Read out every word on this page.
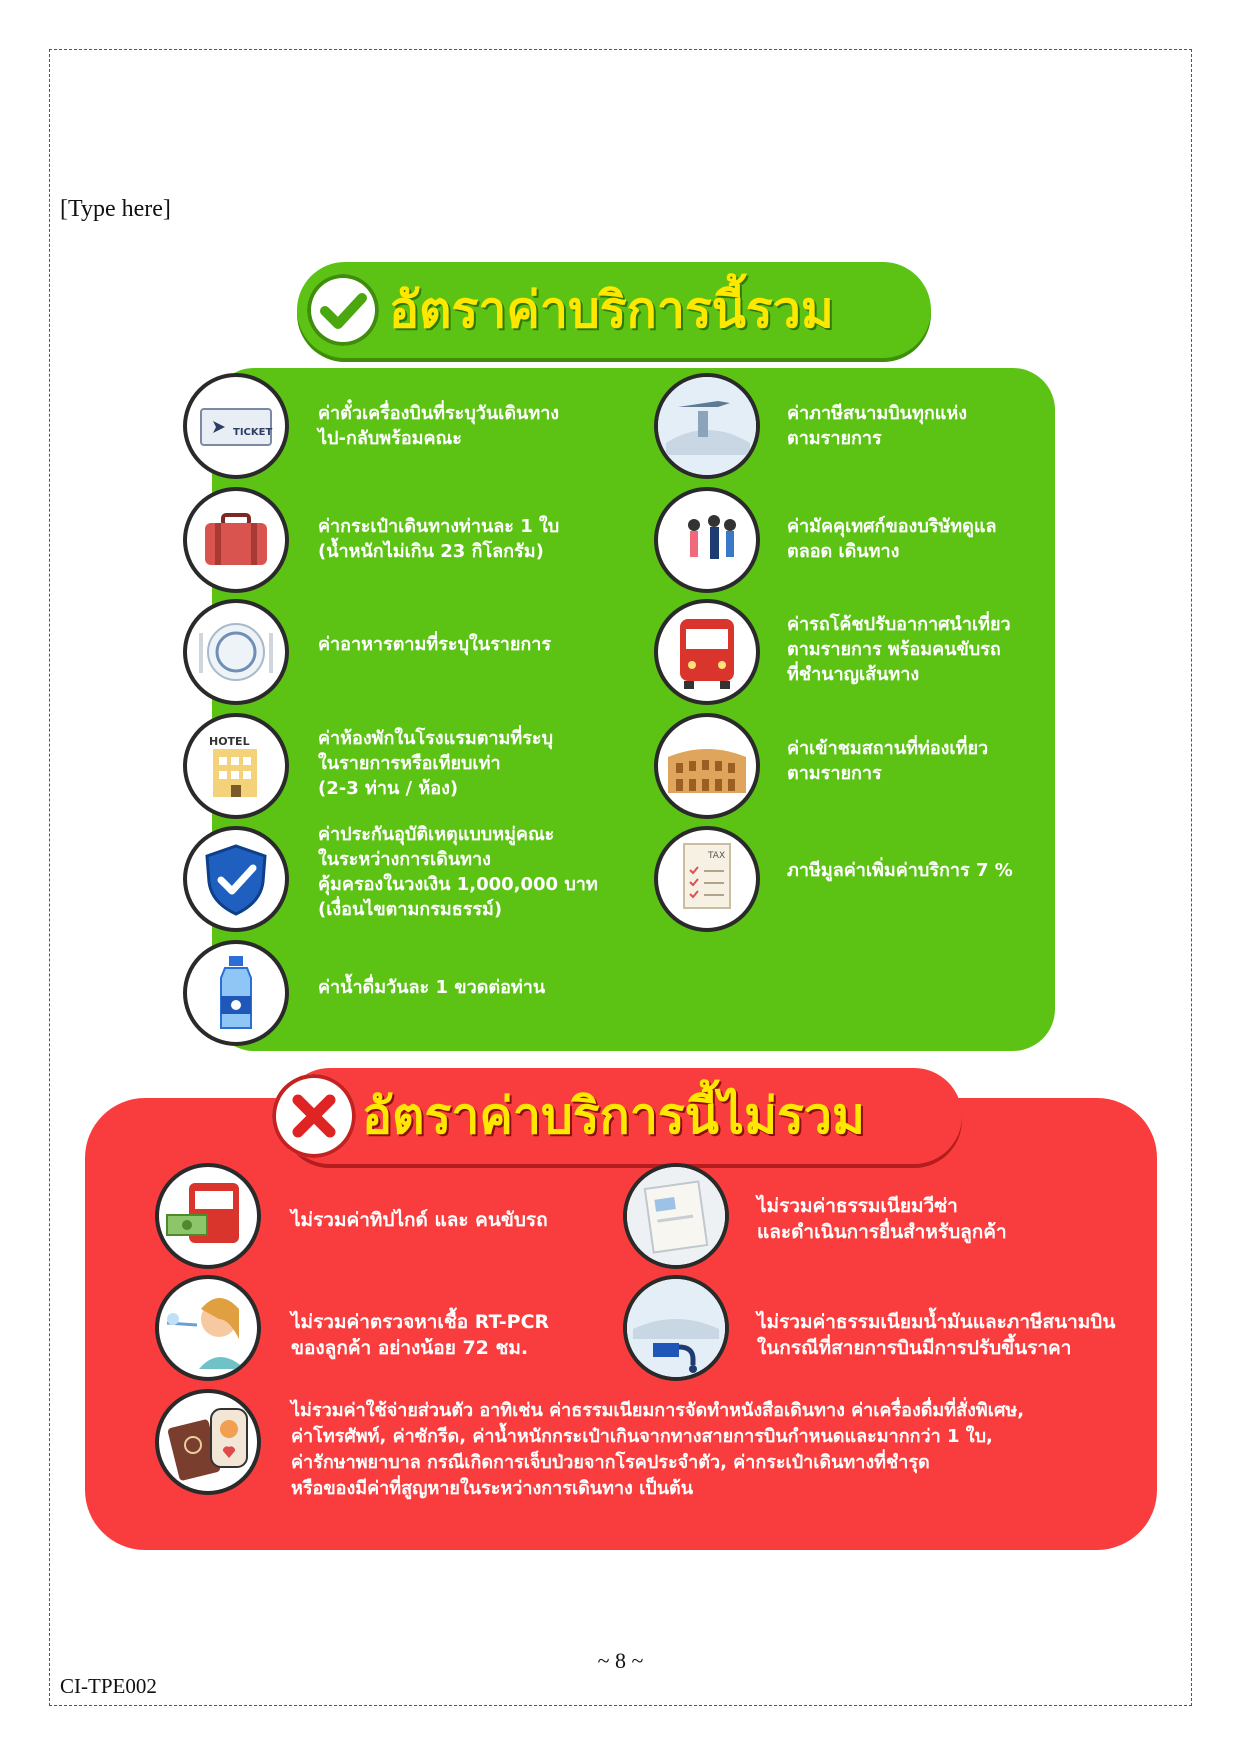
[Type here]
อัตราค่าบริการนี้รวม
TICKET
HOTEL
TAX
ค่าตั๋วเครื่องบินที่ระบุวันเดินทาง
ไป-กลับพร้อมคณะ
ค่าภาษีสนามบินทุกแห่ง
ตามรายการ
ค่ากระเป๋าเดินทางท่านละ 1 ใบ
(น้ำหนักไม่เกิน 23 กิโลกรัม)
ค่ามัคคุเทศก์ของบริษัทดูแล
ตลอด เดินทาง
ค่าอาหารตามที่ระบุในรายการ
ค่ารถโค้ชปรับอากาศนำเที่ยว
ตามรายการ พร้อมคนขับรถ
ที่ชำนาญเส้นทาง
ค่าห้องพักในโรงแรมตามที่ระบุ
ในรายการหรือเทียบเท่า
(2-3 ท่าน / ห้อง)
ค่าเข้าชมสถานที่ท่องเที่ยว
ตามรายการ
ค่าประกันอุบัติเหตุแบบหมู่คณะ
ในระหว่างการเดินทาง
คุ้มครองในวงเงิน 1,000,000 บาท
(เงื่อนไขตามกรมธรรม์)
ภาษีมูลค่าเพิ่มค่าบริการ 7 %
ค่าน้ำดื่มวันละ 1 ขวดต่อท่าน
อัตราค่าบริการนี้ไม่รวม
ไม่รวมค่าทิปไกด์ และ คนขับรถ
ไม่รวมค่าธรรมเนียมวีซ่า
และดำเนินการยื่นสำหรับลูกค้า
ไม่รวมค่าตรวจหาเชื้อ RT-PCR
ของลูกค้า อย่างน้อย 72 ชม.
ไม่รวมค่าธรรมเนียมน้ำมันและภาษีสนามบิน
ในกรณีที่สายการบินมีการปรับขึ้นราคา
ไม่รวมค่าใช้จ่ายส่วนตัว อาทิเช่น ค่าธรรมเนียมการจัดทำหนังสือเดินทาง ค่าเครื่องดื่มที่สั่งพิเศษ,
ค่าโทรศัพท์, ค่าซักรีด, ค่าน้ำหนักกระเป๋าเกินจากทางสายการบินกำหนดและมากกว่า 1 ใบ,
ค่ารักษาพยาบาล กรณีเกิดการเจ็บป่วยจากโรคประจำตัว, ค่ากระเป๋าเดินทางที่ชำรุด
หรือของมีค่าที่สูญหายในระหว่างการเดินทาง เป็นต้น
~ 8 ~
CI-TPE002
